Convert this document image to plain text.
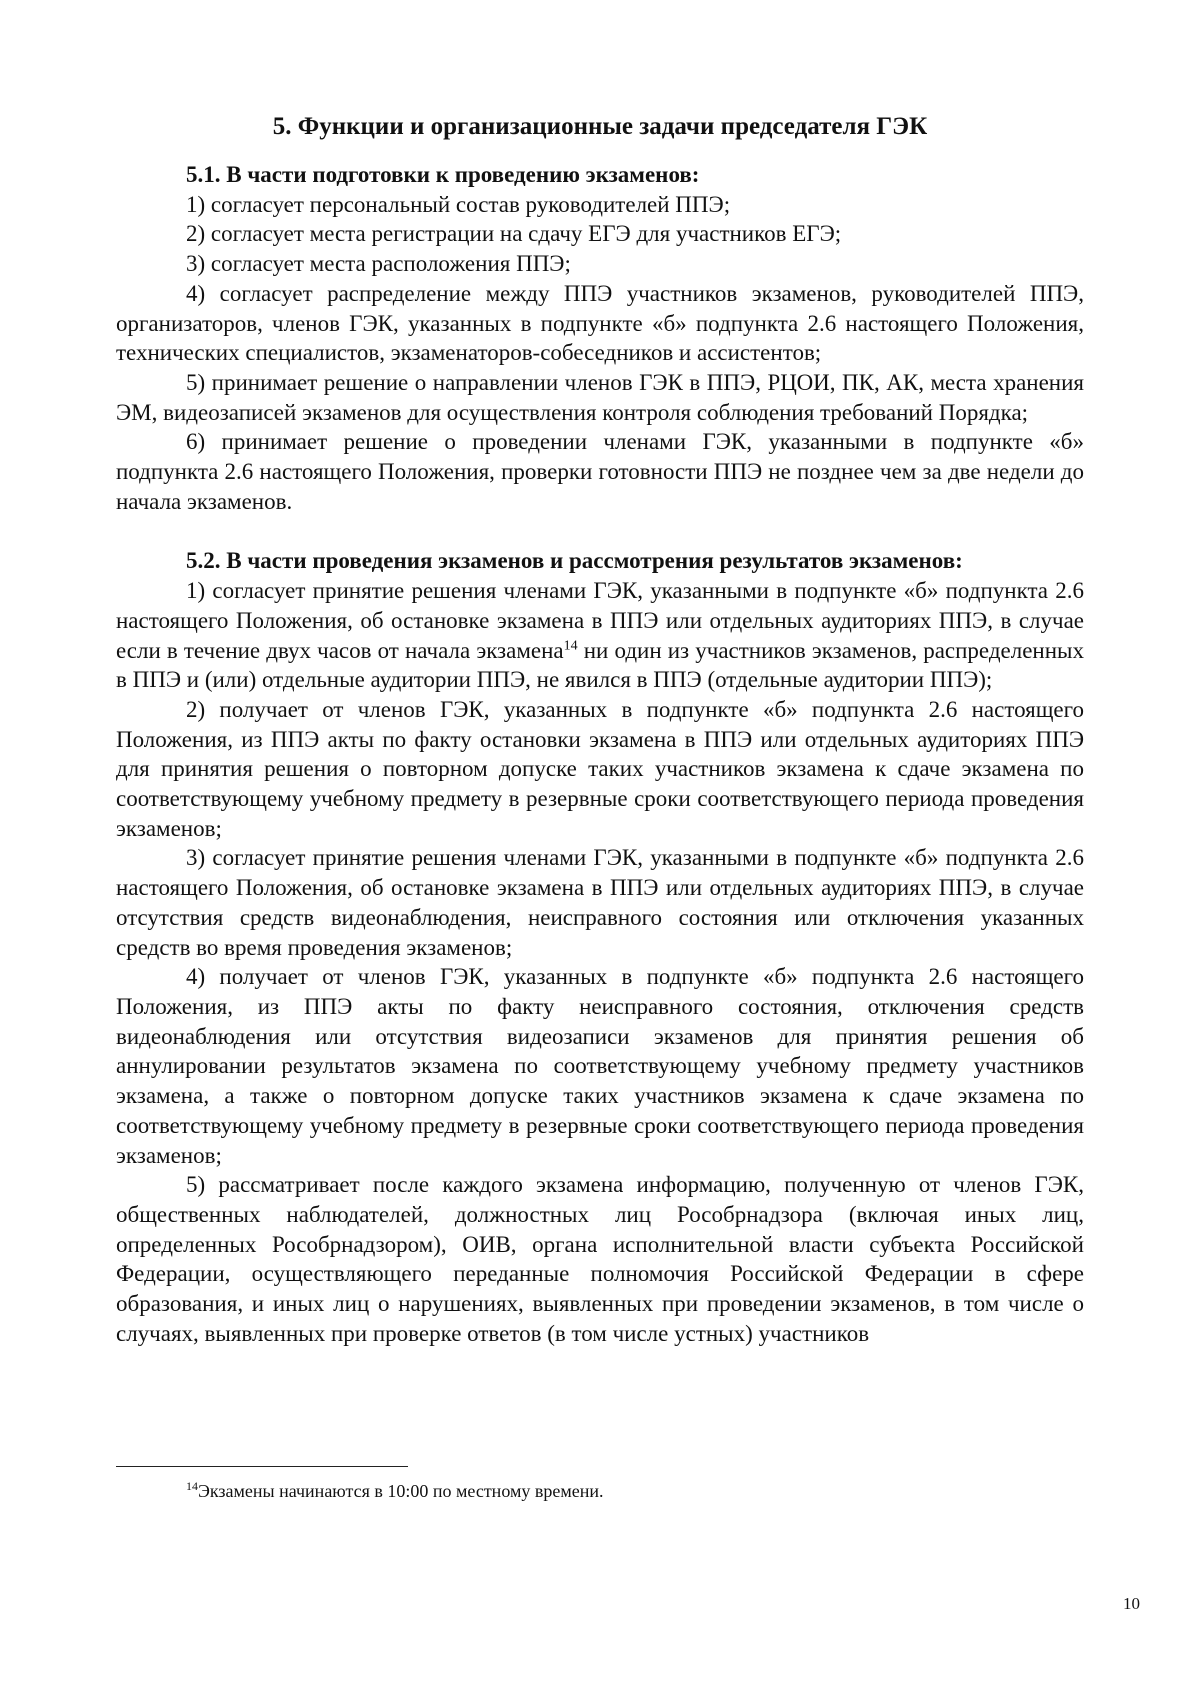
5. Функции и организационные задачи председателя ГЭК

5.1. В части подготовки к проведению экзаменов:

1) согласует персональный состав руководителей ППЭ;

2) согласует места регистрации на сдачу ЕГЭ для участников ЕГЭ;

3) согласует места расположения ППЭ;

4) согласует распределение между ППЭ участников экзаменов, руководителей ППЭ, организаторов, членов ГЭК, указанных в подпункте «б» подпункта 2.6 настоящего Положения, технических специалистов, экзаменаторов-собеседников и ассистентов;

5) принимает решение о направлении членов ГЭК в ППЭ, РЦОИ, ПК, АК, места хранения ЭМ, видеозаписей экзаменов для осуществления контроля соблюдения требований Порядка;

6) принимает решение о проведении членами ГЭК, указанными в подпункте «б» подпункта 2.6 настоящего Положения, проверки готовности ППЭ не позднее чем за две недели до начала экзаменов.

5.2. В части проведения экзаменов и рассмотрения результатов экзаменов:

1) согласует принятие решения членами ГЭК, указанными в подпункте «б» подпункта 2.6 настоящего Положения, об остановке экзамена в ППЭ или отдельных аудиториях ППЭ, в случае если в течение двух часов от начала экзамена$^{14}$ ни один из участников экзаменов, распределенных в ППЭ и (или) отдельные аудитории ППЭ, не явился в ППЭ (отдельные аудитории ППЭ);

2) получает от членов ГЭК, указанных в подпункте «б» подпункта 2.6 настоящего Положения, из ППЭ акты по факту остановки экзамена в ППЭ или отдельных аудиториях ППЭ для принятия решения о повторном допуске таких участников экзамена к сдаче экзамена по соответствующему учебному предмету в резервные сроки соответствующего периода проведения экзаменов;

3) согласует принятие решения членами ГЭК, указанными в подпункте «б» подпункта 2.6 настоящего Положения, об остановке экзамена в ППЭ или отдельных аудиториях ППЭ, в случае отсутствия средств видеонаблюдения, неисправного состояния или отключения указанных средств во время проведения экзаменов;

4) получает от членов ГЭК, указанных в подпункте «б» подпункта 2.6 настоящего Положения, из ППЭ акты по факту неисправного состояния, отключения средств видеонаблюдения или отсутствия видеозаписи экзаменов для принятия решения об аннулировании результатов экзамена по соответствующему учебному предмету участников экзамена, а также о повторном допуске таких участников экзамена к сдаче экзамена по соответствующему учебному предмету в резервные сроки соответствующего периода проведения экзаменов;

5) рассматривает после каждого экзамена информацию, полученную от членов ГЭК, общественных наблюдателей, должностных лиц Рособрнадзора (включая иных лиц, определенных Рособрнадзором), ОИВ, органа исполнительной власти субъекта Российской Федерации, осуществляющего переданные полномочия Российской Федерации в сфере образования, и иных лиц о нарушениях, выявленных при проведении экзаменов, в том числе о случаях, выявленных при проверке ответов (в том числе устных) участников

$^{14}$Экзамены начинаются в 10:00 по местному времени.
10
